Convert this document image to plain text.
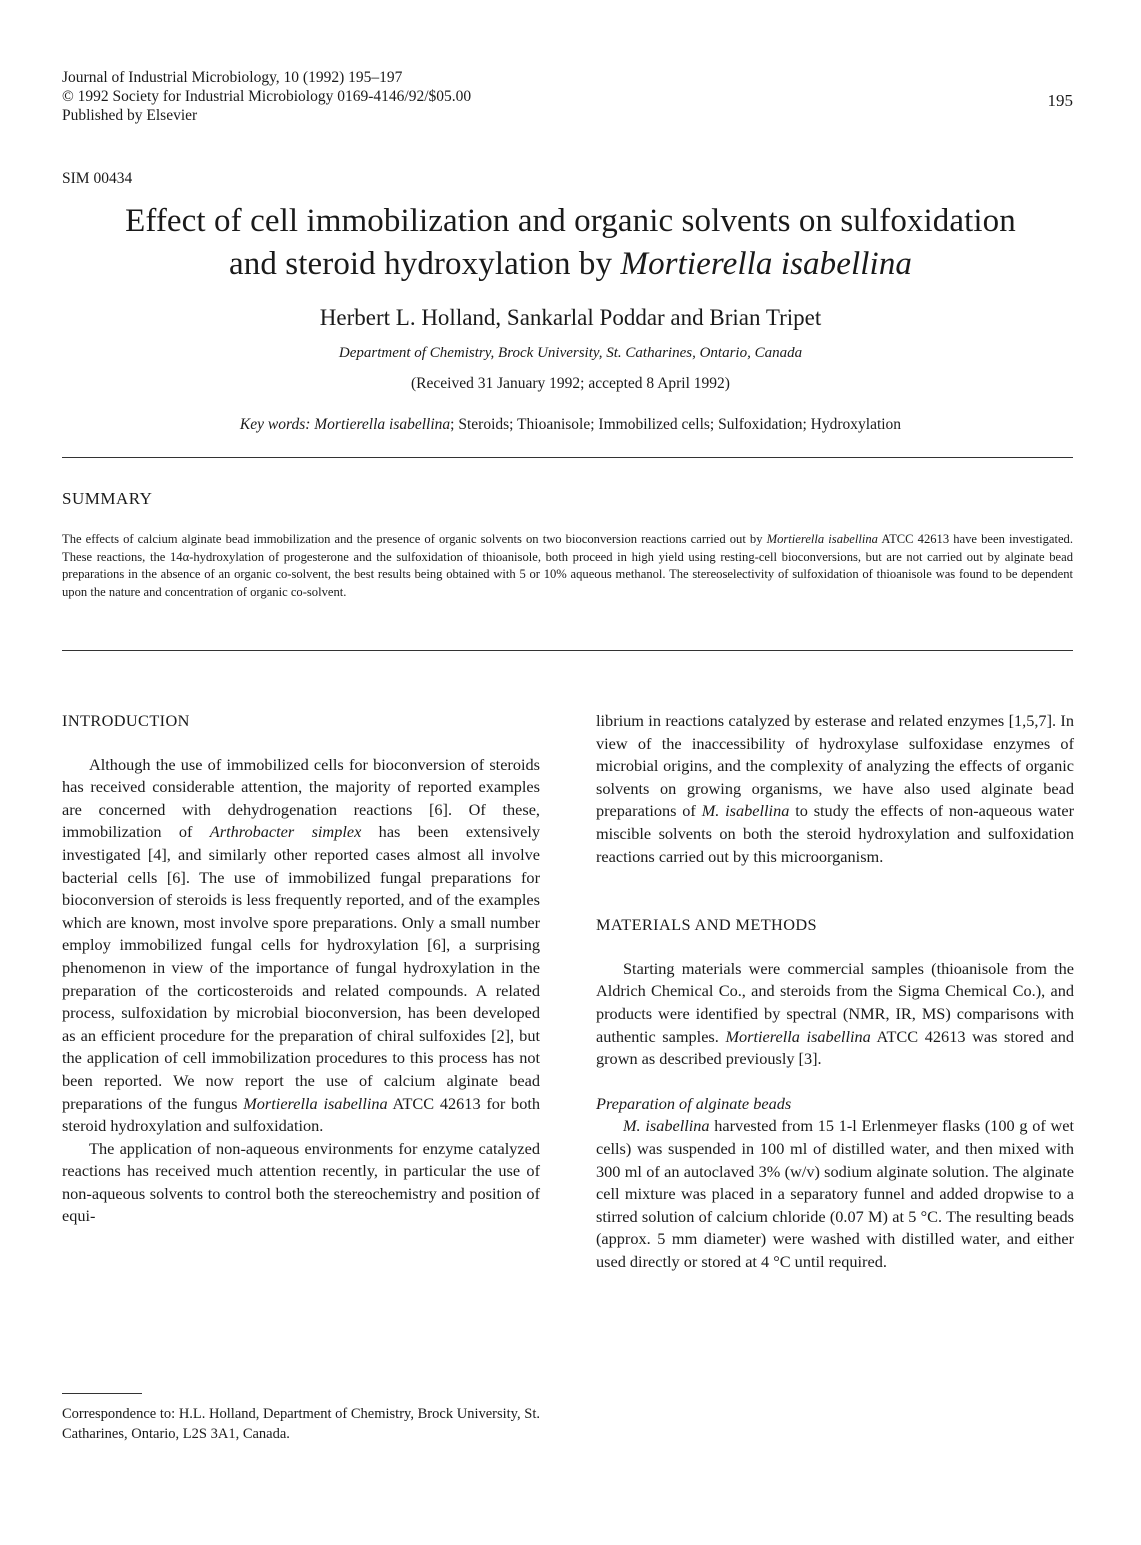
Journal of Industrial Microbiology, 10 (1992) 195–197
© 1992 Society for Industrial Microbiology 0169-4146/92/$05.00
Published by Elsevier
195
SIM 00434
Effect of cell immobilization and organic solvents on sulfoxidation
and steroid hydroxylation by Mortierella isabellina
Herbert L. Holland, Sankarlal Poddar and Brian Tripet
Department of Chemistry, Brock University, St. Catharines, Ontario, Canada
(Received 31 January 1992; accepted 8 April 1992)
Key words: Mortierella isabellina; Steroids; Thioanisole; Immobilized cells; Sulfoxidation; Hydroxylation
SUMMARY
The effects of calcium alginate bead immobilization and the presence of organic solvents on two bioconversion reactions carried out by Mortierella isabellina ATCC 42613 have been investigated. These reactions, the 14α-hydroxylation of progesterone and the sulfoxidation of thioanisole, both proceed in high yield using resting-cell bioconversions, but are not carried out by alginate bead preparations in the absence of an organic co-solvent, the best results being obtained with 5 or 10% aqueous methanol. The stereoselectivity of sulfoxidation of thioanisole was found to be dependent upon the nature and concentration of organic co-solvent.
INTRODUCTION

Although the use of immobilized cells for bioconversion of steroids has received considerable attention, the majority of reported examples are concerned with dehydrogenation reactions [6]. Of these, immobilization of Arthrobacter simplex has been extensively investigated [4], and similarly other reported cases almost all involve bacterial cells [6]. The use of immobilized fungal preparations for bioconversion of steroids is less frequently reported, and of the examples which are known, most involve spore preparations. Only a small number employ immobilized fungal cells for hydroxylation [6], a surprising phenomenon in view of the importance of fungal hydroxylation in the preparation of the corticosteroids and related compounds. A related process, sulfoxidation by microbial bioconversion, has been developed as an efficient procedure for the preparation of chiral sulfoxides [2], but the application of cell immobilization procedures to this process has not been reported. We now report the use of calcium alginate bead preparations of the fungus Mortierella isabellina ATCC 42613 for both steroid hydroxylation and sulfoxidation.

The application of non-aqueous environments for enzyme catalyzed reactions has received much attention recently, in particular the use of non-aqueous solvents to control both the stereochemistry and position of equi-

Correspondence to: H.L. Holland, Department of Chemistry, Brock University, St. Catharines, Ontario, L2S 3A1, Canada.

librium in reactions catalyzed by esterase and related enzymes [1,5,7]. In view of the inaccessibility of hydroxylase sulfoxidase enzymes of microbial origins, and the complexity of analyzing the effects of organic solvents on growing organisms, we have also used alginate bead preparations of M. isabellina to study the effects of non-aqueous water miscible solvents on both the steroid hydroxylation and sulfoxidation reactions carried out by this microorganism.

MATERIALS AND METHODS

Starting materials were commercial samples (thioanisole from the Aldrich Chemical Co., and steroids from the Sigma Chemical Co.), and products were identified by spectral (NMR, IR, MS) comparisons with authentic samples. Mortierella isabellina ATCC 42613 was stored and grown as described previously [3].

Preparation of alginate beads

M. isabellina harvested from 15 1-l Erlenmeyer flasks (100 g of wet cells) was suspended in 100 ml of distilled water, and then mixed with 300 ml of an autoclaved 3% (w/v) sodium alginate solution. The alginate cell mixture was placed in a separatory funnel and added dropwise to a stirred solution of calcium chloride (0.07 M) at 5 °C. The resulting beads (approx. 5 mm diameter) were washed with distilled water, and either used directly or stored at 4 °C until required.
